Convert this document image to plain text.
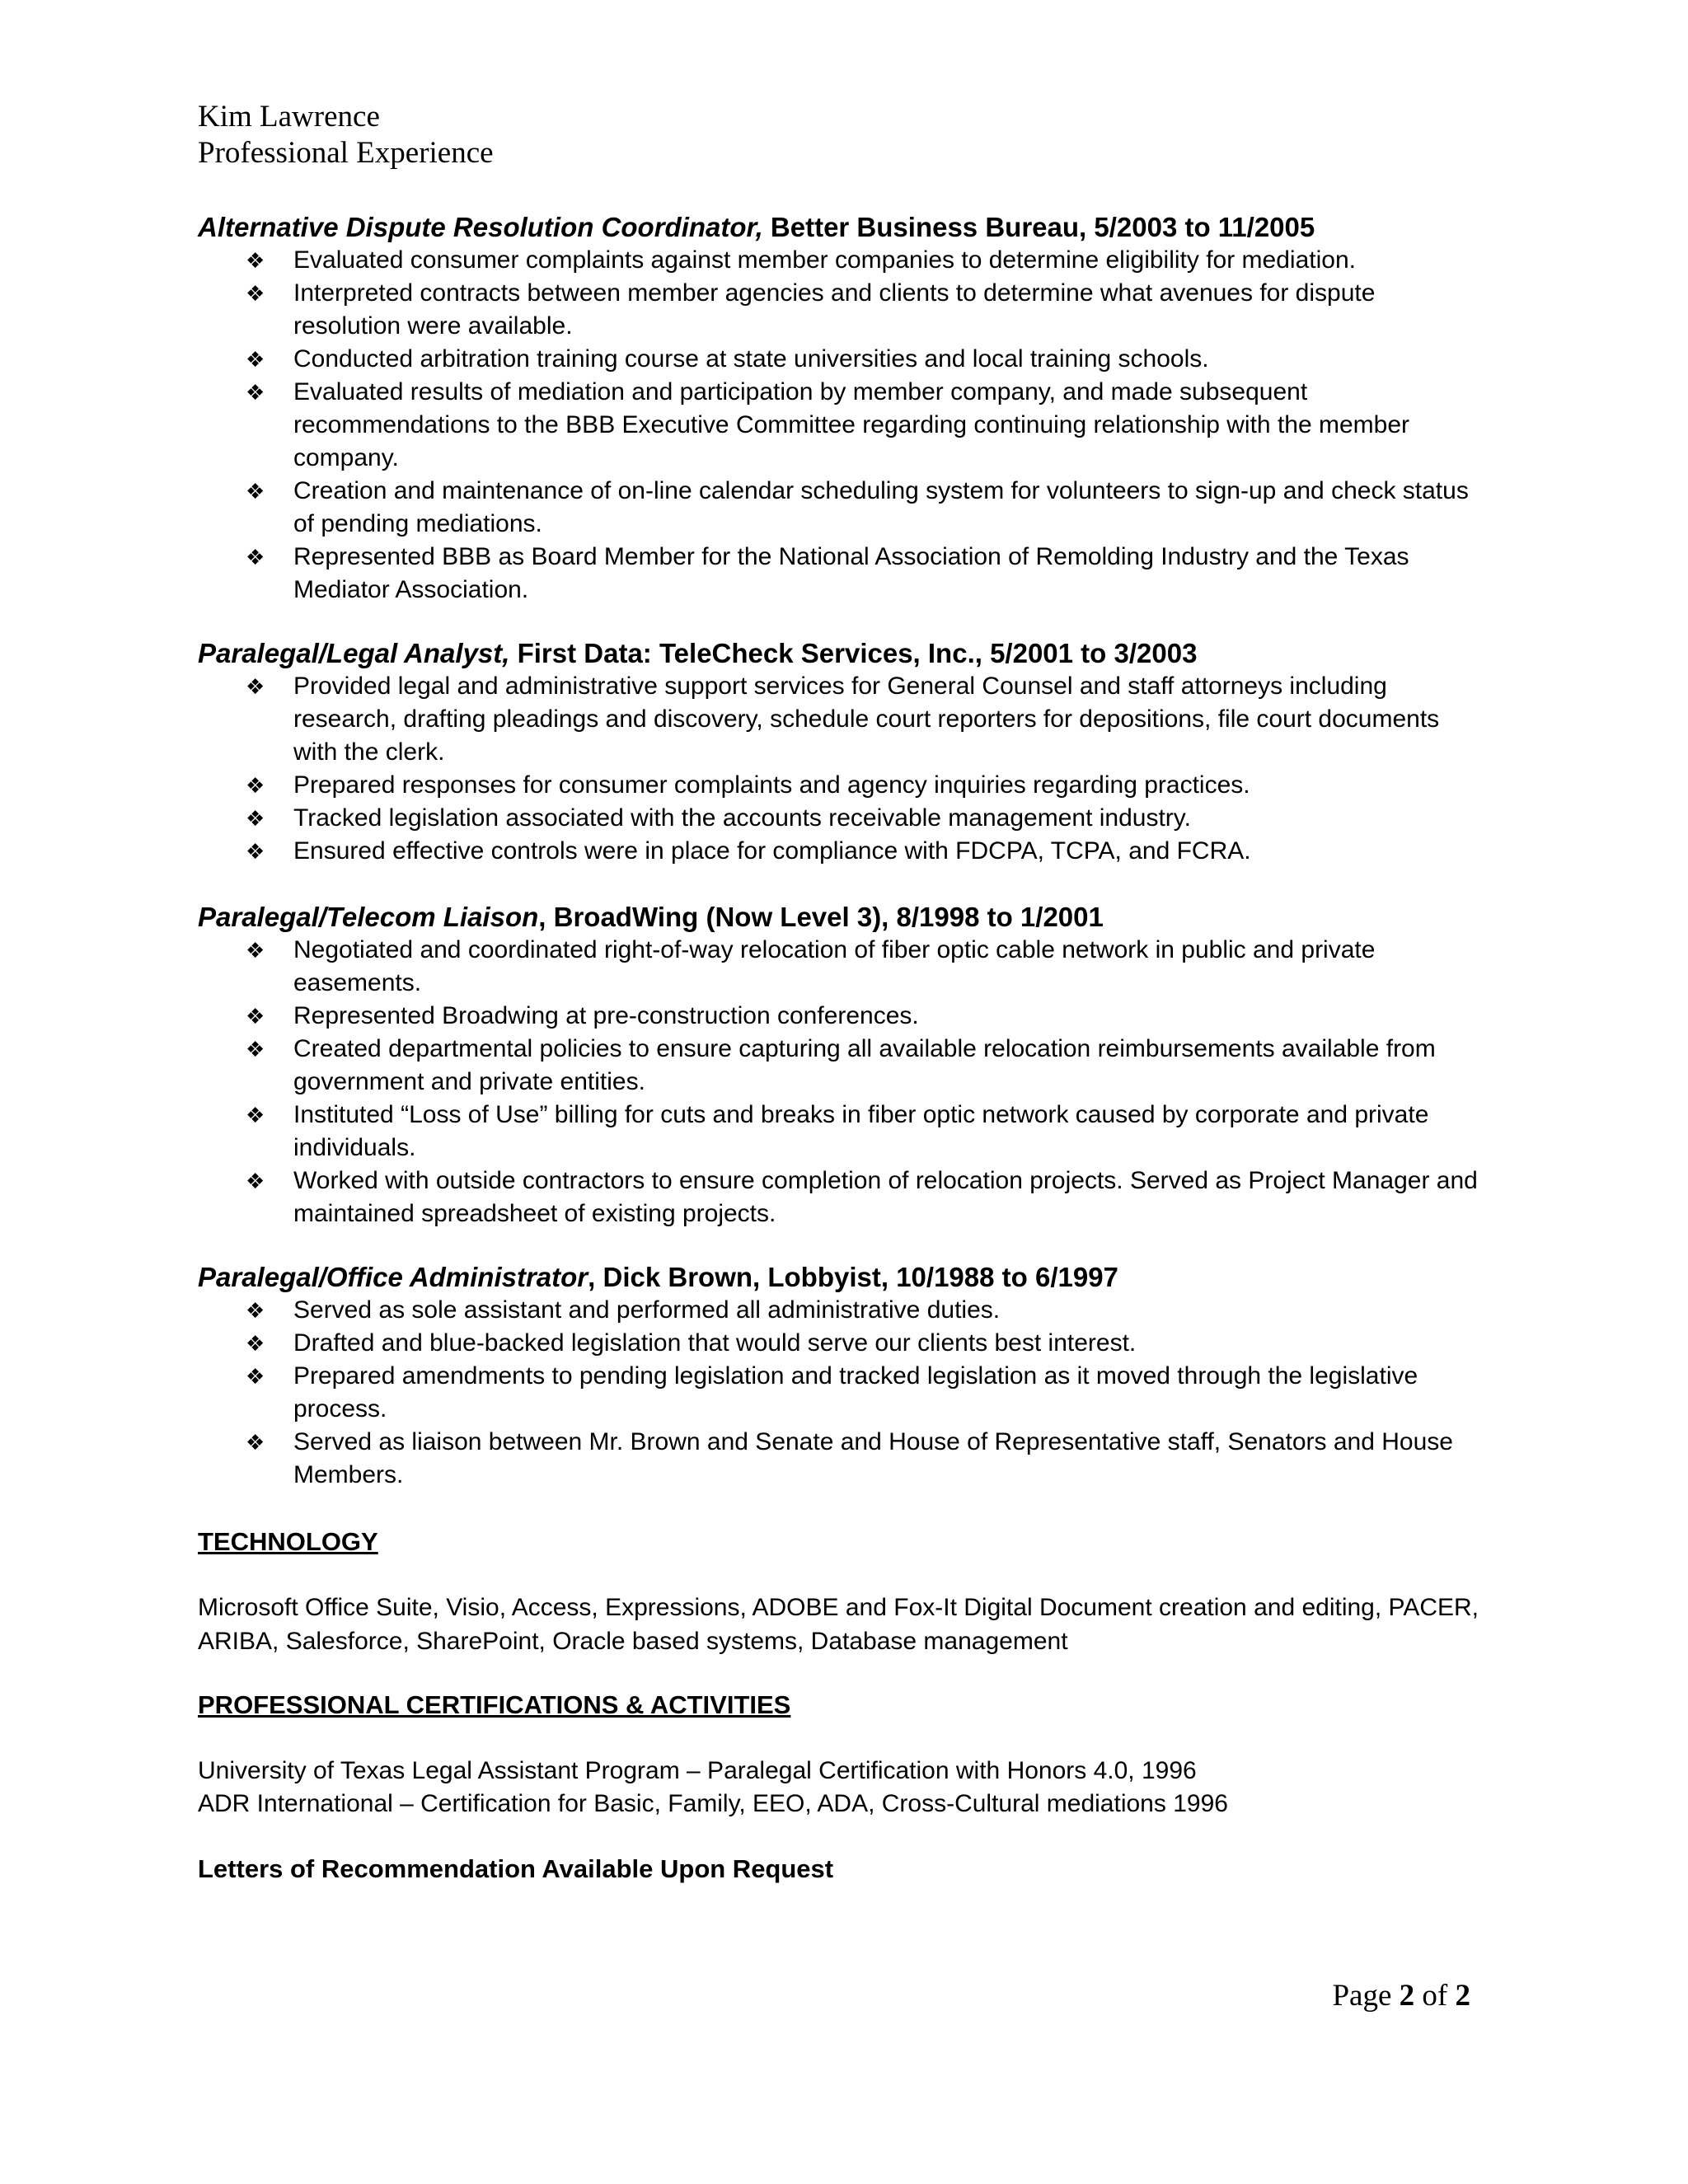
Kim Lawrence

Professional Experience

Alternative Dispute Resolution Coordinator, Better Business Bureau, 5/2003 to 11/2005

❖	Evaluated consumer complaints against member companies to determine eligibility for mediation.
❖	Interpreted contracts between member agencies and clients to determine what avenues for dispute resolution were available.
❖	Conducted arbitration training course at state universities and local training schools.
❖	Evaluated results of mediation and participation by member company, and made subsequent recommendations to the BBB Executive Committee regarding continuing relationship with the member company.
❖	Creation and maintenance of on-line calendar scheduling system for volunteers to sign-up and check status of pending mediations.
❖	Represented BBB as Board Member for the National Association of Remolding Industry and the Texas Mediator Association.

Paralegal/Legal Analyst, First Data: TeleCheck Services, Inc., 5/2001 to 3/2003

❖	Provided legal and administrative support services for General Counsel and staff attorneys including research, drafting pleadings and discovery, schedule court reporters for depositions, file court documents with the clerk.
❖	Prepared responses for consumer complaints and agency inquiries regarding practices.
❖	Tracked legislation associated with the accounts receivable management industry.
❖	Ensured effective controls were in place for compliance with FDCPA, TCPA, and FCRA.

Paralegal/Telecom Liaison, BroadWing (Now Level 3), 8/1998 to 1/2001

❖	Negotiated and coordinated right-of-way relocation of fiber optic cable network in public and private easements.
❖	Represented Broadwing at pre-construction conferences.
❖	Created departmental policies to ensure capturing all available relocation reimbursements available from government and private entities.
❖	Instituted “Loss of Use” billing for cuts and breaks in fiber optic network caused by corporate and private individuals.
❖	Worked with outside contractors to ensure completion of relocation projects. Served as Project Manager and maintained spreadsheet of existing projects.

Paralegal/Office Administrator, Dick Brown, Lobbyist, 10/1988 to 6/1997

❖	Served as sole assistant and performed all administrative duties.
❖	Drafted and blue-backed legislation that would serve our clients best interest.
❖	Prepared amendments to pending legislation and tracked legislation as it moved through the legislative process.
❖	Served as liaison between Mr. Brown and Senate and House of Representative staff, Senators and House Members.

TECHNOLOGY

Microsoft Office Suite, Visio, Access, Expressions, ADOBE and Fox-It Digital Document creation and editing, PACER, ARIBA, Salesforce, SharePoint, Oracle based systems, Database management

PROFESSIONAL CERTIFICATIONS & ACTIVITIES

University of Texas Legal Assistant Program – Paralegal Certification with Honors 4.0, 1996

ADR International – Certification for Basic, Family, EEO, ADA, Cross-Cultural mediations 1996

Letters of Recommendation Available Upon Request

Page 2 of 2
